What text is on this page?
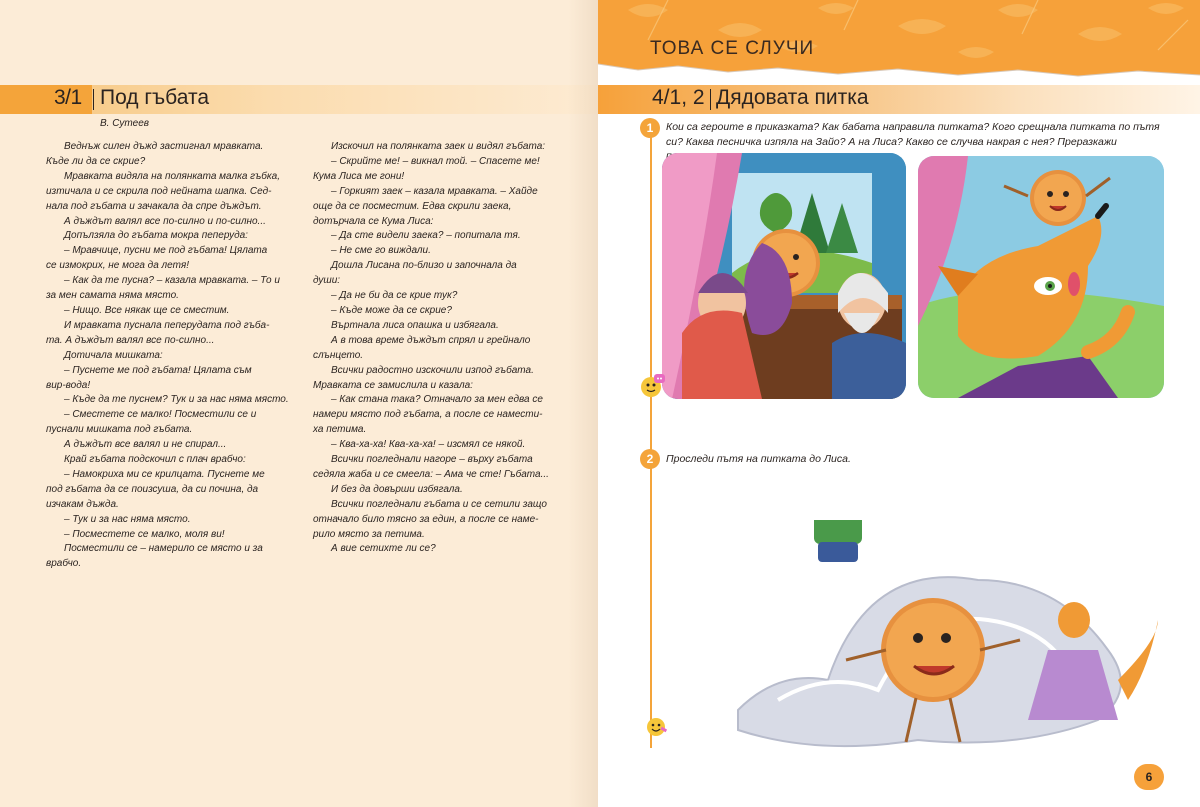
3/1 Под гъбата
В. Сутеев
Веднъж силен дъжд застигнал мравката.
Къде ли да се скрие?
Мравката видяла на полянката малка гъбка,
изтичала и се скрила под нейната шапка. Сед-
нала под гъбата и зачакала да спре дъждът.
А дъждът валял все по-силно и по-силно...
Допълзяла до гъбата мокра пеперуда:
– Мравчице, пусни ме под гъбата! Цялата
се измокрих, не мога да летя!
– Как да те пусна? – казала мравката. – То и
за мен самата няма място.
– Нищо. Все някак ще се сместим.
И мравката пуснала пеперудата под гъба-
та. А дъждът валял все по-силно...
Дотичала мишката:
– Пуснете ме под гъбата! Цялата съм
вир-вода!
– Къде да те пуснем? Тук и за нас няма място.
– Сместете се малко! Посместили се и
пуснали мишката под гъбата.
А дъждът все валял и не спирал...
Край гъбата подскочил с плач врабчо:
– Намокриха ми се крилцата. Пуснете ме
под гъбата да се поизсуша, да си почина, да
изчакам дъжда.
– Тук и за нас няма място.
– Посместете се малко, моля ви!
Посместили се – намерило се място и за
врабчо.
Изскочил на полянката заек и видял гъбата:
– Скрийте ме! – викнал той. – Спасете ме!
Кума Лиса ме гони!
– Горкият заек – казала мравката. – Хайде
още да се посместим. Едва скрили заека,
дотърчала се Кума Лиса:
– Да сте видели заека? – попитала тя.
– Не сме го виждали.
Дошла Лисана по-близо и започнала да
души:
– Да не би да се крие тук?
– Къде може да се скрие?
Въртнала лиса опашка и избягала.
А в това време дъждът спрял и грейнало
слънцето.
Всички радостно изскочили изпод гъбата.
Мравката се замислила и казала:
– Как стана така? Отначало за мен едва се
намери място под гъбата, а после се намести-
ха петима.
– Ква-ха-ха! Ква-ха-ха! – изсмял се някой.
Всички погледнали нагоре – върху гъбата
седяла жаба и се смеела: – Ама че сте! Гъбата...
И без да довърши избягала.
Всички погледнали гъбата и се сетили защо
отначало било тясно за един, а после се наме-
рило място за петима.
А вие сетихте ли се?
ТОВА СЕ СЛУЧИ
4/1, 2 Дядовата питка
1	Кои са героите в приказката? Как бабата направила питката? Кого срещнала питката по пътя
си? Каква песничка изпяла на Зайо? А на Лиса? Какво се случва накрая с нея? Преразкажи
2	Проследи пътя на питката до Лиса.
6
